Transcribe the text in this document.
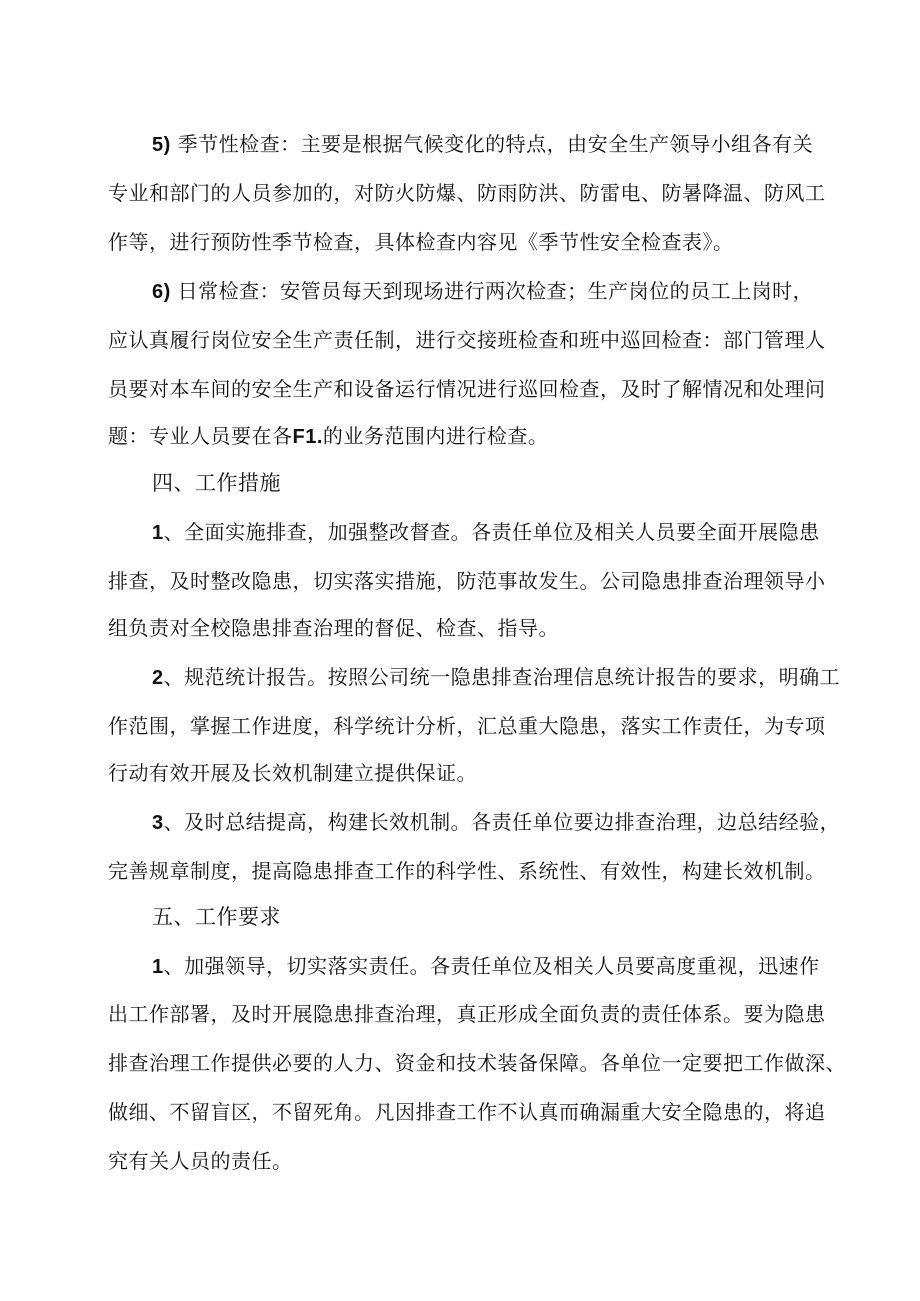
5) 季节性检查：主要是根据气候变化的特点，由安全生产领导小组各有关
专业和部门的人员参加的，对防火防爆、防雨防洪、防雷电、防暑降温、防风工
作等，进行预防性季节检查，具体检查内容见《季节性安全检查表》。
6) 日常检查：安管员每天到现场进行两次检查；生产岗位的员工上岗时，
应认真履行岗位安全生产责任制，进行交接班检查和班中巡回检查：部门管理人
员要对本车间的安全生产和设备运行情况进行巡回检查，及时了解情况和处理问
题：专业人员要在各F1.的业务范围内进行检查。
四、工作措施
1、全面实施排查，加强整改督查。各责任单位及相关人员要全面开展隐患
排查，及时整改隐患，切实落实措施，防范事故发生。公司隐患排查治理领导小
组负责对全校隐患排查治理的督促、检查、指导。
2、规范统计报告。按照公司统一隐患排查治理信息统计报告的要求，明确工
作范围，掌握工作进度，科学统计分析，汇总重大隐患，落实工作责任，为专项
行动有效开展及长效机制建立提供保证。
3、及时总结提高，构建长效机制。各责任单位要边排查治理，边总结经验，
完善规章制度，提高隐患排查工作的科学性、系统性、有效性，构建长效机制。
五、工作要求
1、加强领导，切实落实责任。各责任单位及相关人员要高度重视，迅速作
出工作部署，及时开展隐患排查治理，真正形成全面负责的责任体系。要为隐患
排查治理工作提供必要的人力、资金和技术装备保障。各单位一定要把工作做深、
做细、不留盲区，不留死角。凡因排查工作不认真而确漏重大安全隐患的，将追
究有关人员的责任。
